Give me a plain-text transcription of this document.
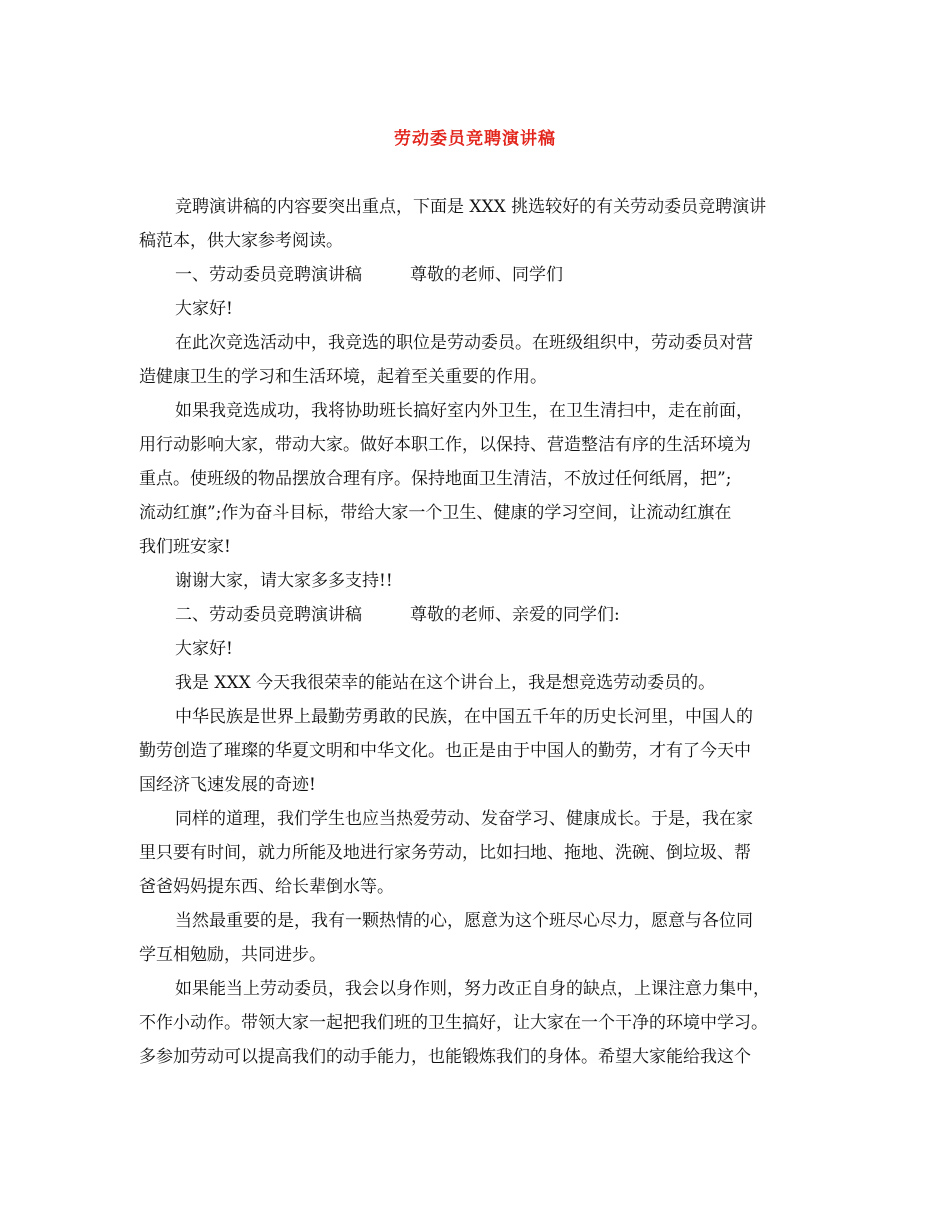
劳动委员竞聘演讲稿
竞聘演讲稿的内容要突出重点，下面是 XXX 挑选较好的有关劳动委员竞聘演讲
稿范本，供大家参考阅读。
一、劳动委员竞聘演讲稿	尊敬的老师、同学们
大家好!
在此次竞选活动中，我竞选的职位是劳动委员。在班级组织中，劳动委员对营
造健康卫生的学习和生活环境，起着至关重要的作用。
如果我竞选成功，我将协助班长搞好室内外卫生，在卫生清扫中，走在前面，
用行动影响大家，带动大家。做好本职工作，以保持、营造整洁有序的生活环境为
重点。使班级的物品摆放合理有序。保持地面卫生清洁，不放过任何纸屑，把”;
流动红旗”;作为奋斗目标，带给大家一个卫生、健康的学习空间，让流动红旗在
我们班安家!
谢谢大家，请大家多多支持!!
二、劳动委员竞聘演讲稿	尊敬的老师、亲爱的同学们:
大家好!
我是 XXX 今天我很荣幸的能站在这个讲台上，我是想竞选劳动委员的。
中华民族是世界上最勤劳勇敢的民族，在中国五千年的历史长河里，中国人的
勤劳创造了璀璨的华夏文明和中华文化。也正是由于中国人的勤劳，才有了今天中
国经济飞速发展的奇迹!
同样的道理，我们学生也应当热爱劳动、发奋学习、健康成长。于是，我在家
里只要有时间，就力所能及地进行家务劳动，比如扫地、拖地、洗碗、倒垃圾、帮
爸爸妈妈提东西、给长辈倒水等。
当然最重要的是，我有一颗热情的心，愿意为这个班尽心尽力，愿意与各位同
学互相勉励，共同进步。
如果能当上劳动委员，我会以身作则，努力改正自身的缺点，上课注意力集中，
不作小动作。带领大家一起把我们班的卫生搞好，让大家在一个干净的环境中学习。
多参加劳动可以提高我们的动手能力，也能锻炼我们的身体。希望大家能给我这个
